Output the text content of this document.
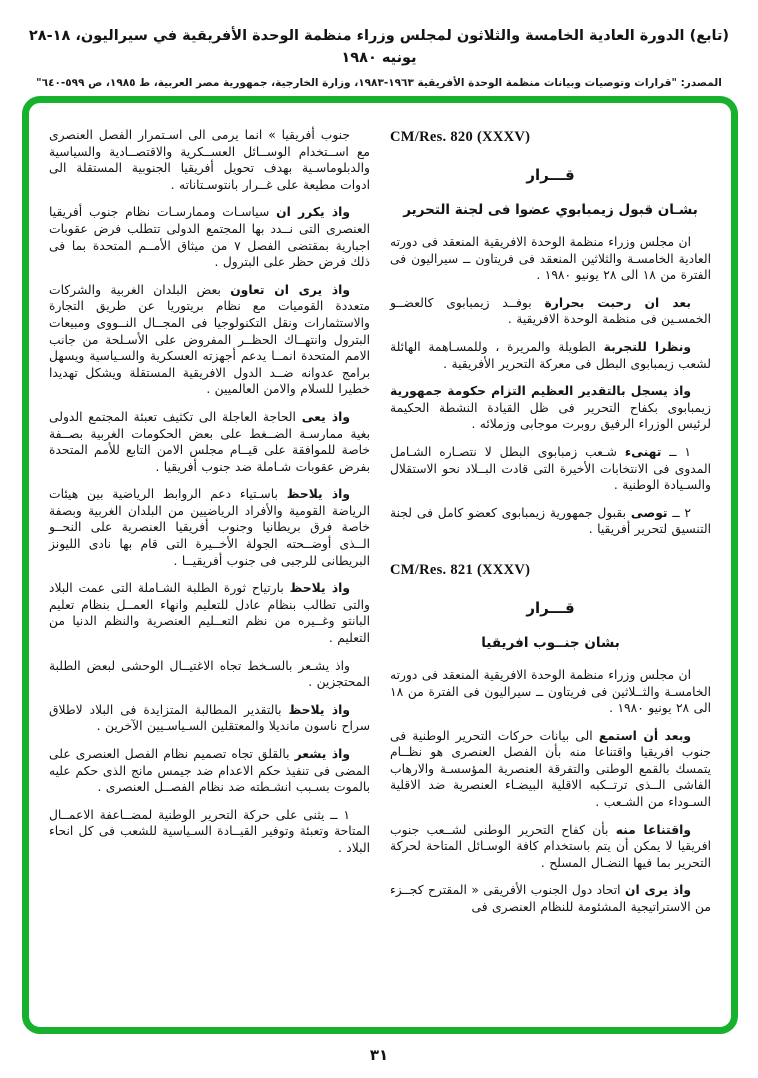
(تابع) الدورة العادية الخامسة والثلاثون لمجلس وزراء منظمة الوحدة الأفريقية في سيراليون، ١٨-٢٨ يونيه ١٩٨٠
المصدر: "قرارات وتوصيات وبيانات منظمة الوحدة الأفريقية ١٩٦٣-١٩٨٣، وزارة الخارجية، جمهورية مصر العربية، ط ١٩٨٥، ص ٥٩٩-٦٤٠"
CM/Res. 820 (XXXV)
قـــرار
بشـان قبول زيمبابوي عضوا فى لجنة التحرير

ان مجلس وزراء منظمة الوحدة الافريقية المنعقد فى دورته العادية الخامسـة والثلاثين المنعقد فى فريتاون ــ سيراليون فى الفترة من ١٨ الى ٢٨ يونيو ١٩٨٠ .

بعد ان رحبت بحرارة بوفــد زيمبابوى كالعضــو الخمسـين فى منظمة الوحدة الافريقية .

ونظرا للتجربة الطويلة والمريرة ، وللمسـاهمة الهائلة لشعب زيمبابوى البطل فى معركة التحرير الأفريقية .

واذ يسجل بالتقدير العظيم التزام حكومة جمهورية زيمبابوى بكفاح التحرير فى ظل القيادة النشطة الحكيمة لرئيس الوزراء الرفيق روبرت موجابى وزملائه .

١ ــ تهنىء شـعب زمبابوى البطل لا نتصـاره الشـامل المدوى فى الانتخابات الأخيرة التى قادت البــلاد نحو الاستقلال والسـيادة الوطنية .

٢ ــ توصى بقبول جمهورية زيمبابوى كعضو كامل فى لجنة التنسيق لتحرير أفريقيا .

CM/Res. 821 (XXXV)
قـــرار
بشان جنــوب افريقيا

ان مجلس وزراء منظمة الوحدة الافريقية المنعقد فى دورته الخامسـة والثــلاثين فى فريتاون ــ سيراليون فى الفترة من ١٨ الى ٢٨ يونيو ١٩٨٠ .

وبعد أن استمع الى بيانات حركات التحرير الوطنية فى جنوب افريقيا واقتناعا منه بأن الفصل العنصرى هو نظــام يتمسك بالقمع الوطنى والتفرقة العنصرية المؤسسـة والارهاب الفاشى الــذى ترتــكبه الاقلية البيضـاء العنصرية ضد الاقلية السـوداء من الشـعب .

واقتناعا منه بأن كفاح التحرير الوطنى لشــعب جنوب افريقيا لا يمكن أن يتم باستخدام كافة الوسـائل المتاحة لحركة التحرير بما فيها النضـال المسلح .

واذ يرى ان اتحاد دول الجنوب الأفريقى « المقترح كجــزء من الاستراتيجية المشئومة للنظام العنصرى فى

جنوب أفريقيا » انما يرمى الى اسـتمرار الفصل العنصرى مع اســتخدام الوســائل العســكرية والاقتصــادية والسياسية والدبلوماسـية بهدف تحويل أفريقيا الجنوبية المستقلة الى ادوات مطيعة على غــرار بانتوسـتاناته .

واذ يكرر ان سياسـات وممارسـات نظام جنوب أفريقيا العنصرى التى نــدد بها المجتمع الدولى تتطلب فرض عقوبات اجبارية بمقتضى الفصل ٧ من ميثاق الأمــم المتحدة بما فى ذلك فرض حظر على البترول .

واذ يرى ان تعاون بعض البلدان الغربية والشركات متعددة القوميات مع نظام بريتوريا عن طريق التجارة والاستثمارات ونقل التكنولوجيا فى المجــال النــووى ومبيعات البترول وانتهــاك الحظــر المفروض على الأسـلحة من جانب الامم المتحدة انمــا يدعم أجهزته العسكرية والسـياسية ويسهل برامج عدوانه ضــد الدول الافريقية المستقلة ويشكل تهديدا خطيرا للسلام والامن العالميين .

واذ يعى الحاجة العاجلة الى تكثيف تعبئة المجتمع الدولى بغية ممارسـة الضــغط على بعض الحكومات الغربية بصــفة خاصة للموافقة على قيــام مجلس الامن التابع للأمم المتحدة بفرض عقوبات شـاملة ضد جنوب أفريقيا .

واذ يلاحظ باسـتياء دعم الروابط الرياضية بين هيئات الرياضة القومية والأفراد الرياضيين من البلدان الغربية وبصفة خاصة فرق بريطانيا وجنوب أفريقيا العنصرية على النحــو الــذى أوضــحته الجولة الأخــيرة التى قام بها نادى الليونز البريطانى للرجبى فى جنوب أفريقيــا .

واذ يلاحظ بارتياح ثورة الطلبة الشـاملة التى عمت البلاد والتى تطالب بنظام عادل للتعليم وانهاء العمــل بنظام تعليم البانتو وغــيره من نظم التعــليم العنصرية والنظم الدنيا من التعليم .

واذ يشـعر بالسـخط تجاه الاغتيــال الوحشى لبعض الطلبة المحتجزين .

واذ يلاحظ بالتقدير المطالبة المتزايدة فى البلاد لاطلاق سراح ناسون مانديلا والمعتقلين السـياسـيين الآخرين .

واذ يشعر بالقلق تجاه تصميم نظام الفصل العنصرى على المضى فى تنفيذ حكم الاعدام ضد جيمس مانج الذى حكم عليه بالموت بسـبب انشـطته ضد نظام الفصــل العنصرى .

١ ــ يثنى على حركة التحرير الوطنية لمضــاعفة الاعمــال المتاحة وتعبئة وتوفير القيــادة السـياسية للشعب فى كل انحاء البلاد .

٣١
